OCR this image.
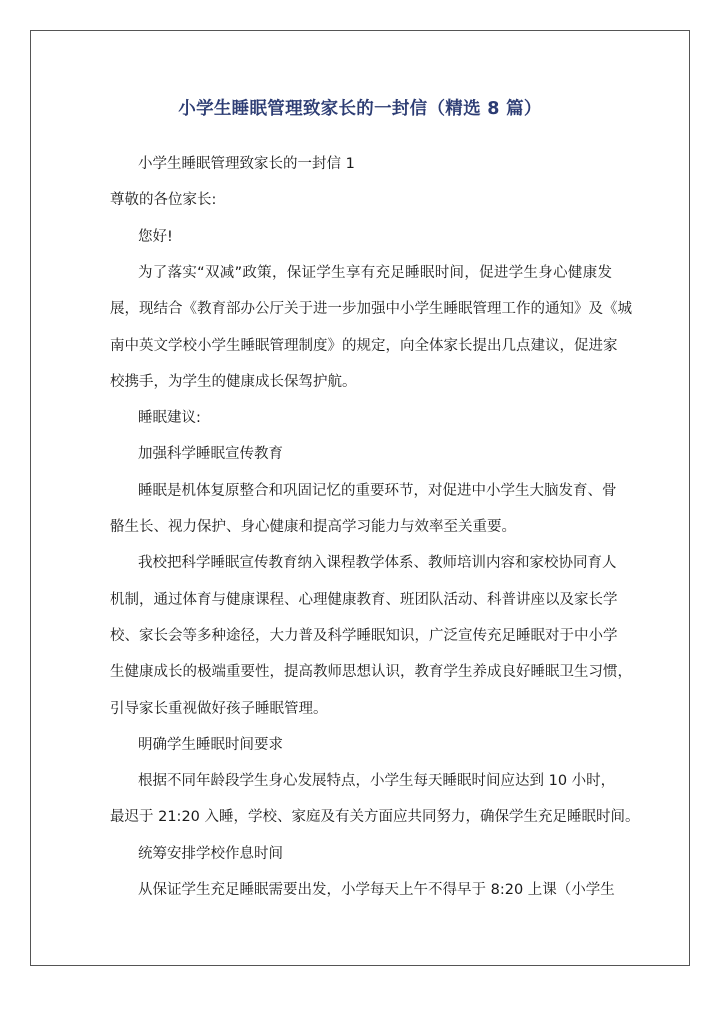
小学生睡眠管理致家长的一封信（精选 8 篇）

小学生睡眠管理致家长的一封信 1

尊敬的各位家长:

您好!

为了落实“双减”政策，保证学生享有充足睡眠时间，促进学生身心健康发

展，现结合《教育部办公厅关于进一步加强中小学生睡眠管理工作的通知》及《城

南中英文学校小学生睡眠管理制度》的规定，向全体家长提出几点建议，促进家

校携手，为学生的健康成长保驾护航。

睡眠建议:

加强科学睡眠宣传教育

睡眠是机体复原整合和巩固记忆的重要环节，对促进中小学生大脑发育、骨

骼生长、视力保护、身心健康和提高学习能力与效率至关重要。

我校把科学睡眠宣传教育纳入课程教学体系、教师培训内容和家校协同育人

机制，通过体育与健康课程、心理健康教育、班团队活动、科普讲座以及家长学

校、家长会等多种途径，大力普及科学睡眠知识，广泛宣传充足睡眠对于中小学

生健康成长的极端重要性，提高教师思想认识，教育学生养成良好睡眠卫生习惯，

引导家长重视做好孩子睡眠管理。

明确学生睡眠时间要求

根据不同年龄段学生身心发展特点，小学生每天睡眠时间应达到 10 小时，

最迟于 21:20 入睡，学校、家庭及有关方面应共同努力，确保学生充足睡眠时间。

统筹安排学校作息时间

从保证学生充足睡眠需要出发，小学每天上午不得早于 8:20 上课（小学生
